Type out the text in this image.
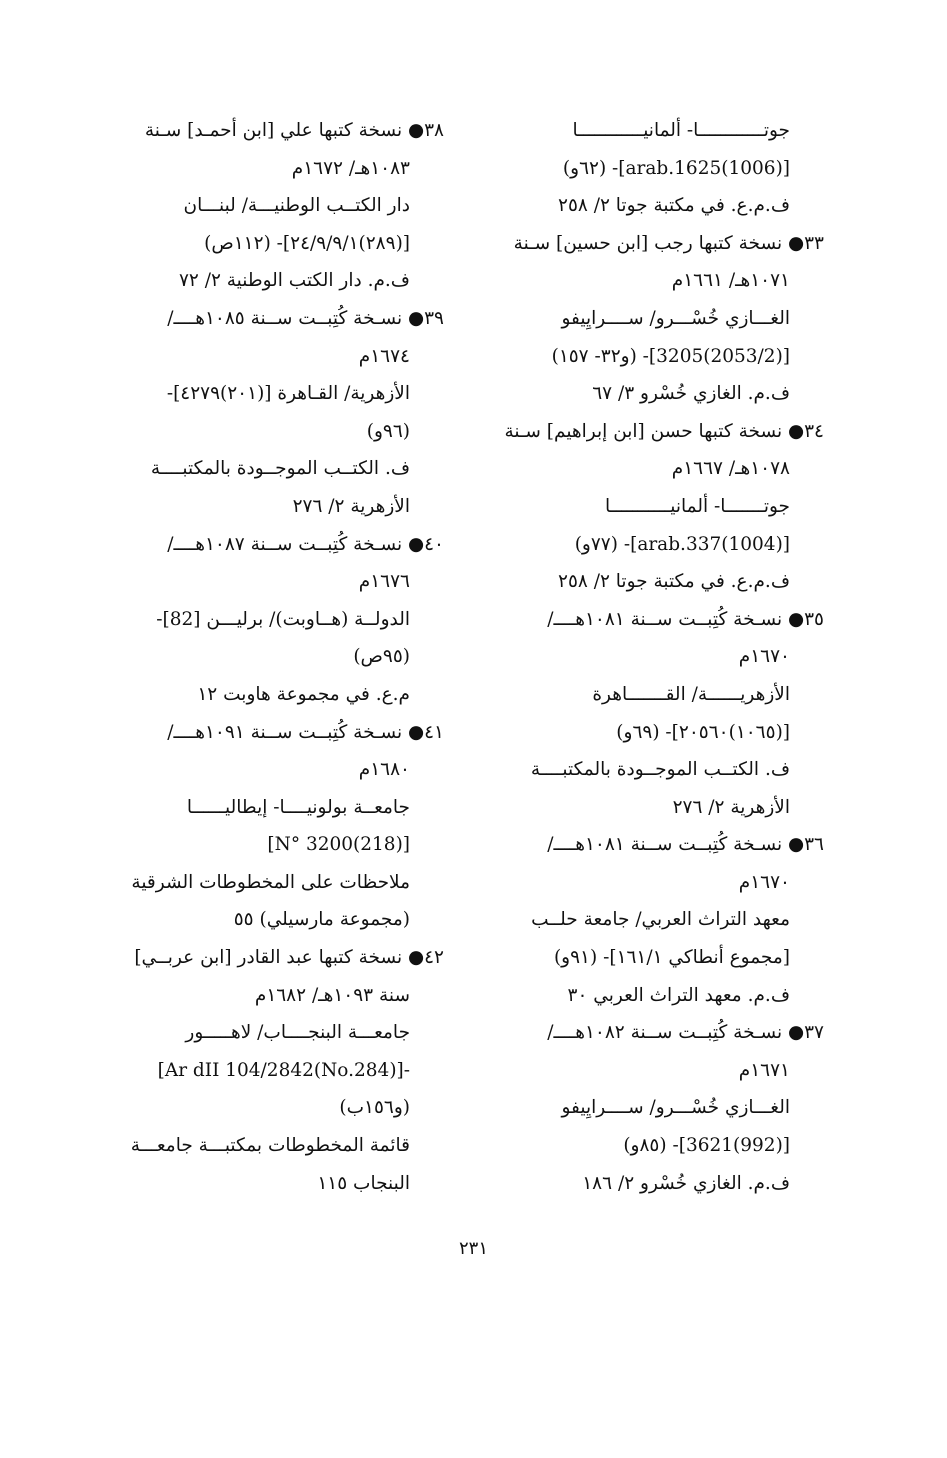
جوتــــــــــــا- ألمانيــــــــــــا
[(1006)arab.1625]- (٦٢و)
ف.م.ع. في مكتبة جوتا ٢/ ٢٥٨
٣٣● نسخة كتبها رجب [ابن حسين] سـنة
١٠٧١هـ/ ١٦٦١م
الغـــازي خُسْـــرو/ ســــرايِيفو
[(2053/2)3205]- (و٣٢- ١٥٧)
ف.م. الغازي خُسْرو ٣/ ٦٧
٣٤● نسخة كتبها حسن [ابن إبراهيم] سـنة
١٠٧٨هـ/ ١٦٦٧م
جوتـــــــا- ألمانيـــــــــــا
[(1004)arab.337]- (٧٧و)
ف.م.ع. في مكتبة جوتا ٢/ ٢٥٨
٣٥● نسـخة كُتِبــت ســنة ١٠٨١هــــ/
١٦٧٠م
الأزهريــــــة/ القـــــــاهرة
[(١٠٦٥)٢٠٥٦٠]- (٦٩و)
ف. الكتــب الموجــودة بالمكتبــــة
الأزهرية ٢/ ٢٧٦
٣٦● نسـخة كُتِبــت ســنة ١٠٨١هــــ/
١٦٧٠م
معهد التراث العربي/ جامعة حلــب
[مجموع أنطاكي ١٦١/١]- (٩١و)
ف.م. معهد التراث العربي ٣٠
٣٧● نسـخة كُتِبــت ســنة ١٠٨٢هــــ/
١٦٧١م
الغـــازي خُسْـــرو/ ســــرايِيفو
[(992)3621]- (٨٥و)
ف.م. الغازي خُسْرو ٢/ ١٨٦
٣٨● نسخة كتبها علي [ابن أحمـد] سـنة
١٠٨٣هـ/ ١٦٧٢م
دار الكتــب الوطنيـــة/ لبنـــان
[(٢٨٩)٢٤/٩/٩/١]- (١١٢ص)
ف.م. دار الكتب الوطنية ٢/ ٧٢
٣٩● نسـخة كُتِبــت ســنة ١٠٨٥هــــ/
١٦٧٤م
الأزهرية/ القـاهرة [(٢٠١)٤٢٧٩]-
(٩٦و)
ف. الكتــب الموجــودة بالمكتبــــة
الأزهرية ٢/ ٢٧٦
٤٠● نسـخة كُتِبــت ســنة ١٠٨٧هــــ/
١٦٧٦م
الدولــة (هــاوبت)/ برليـــن [82]-
(٩٥ص)
م.ع. في مجموعة هاوبت ١٢
٤١● نسـخة كُتِبــت ســنة ١٠٩١هــــ/
١٦٨٠م
جامعــة بولونيــــا- إيطاليــــــا
[(218)N° 3200]
ملاحظات على المخطوطات الشرقية
(مجموعة مارسيلي) ٥٥
٤٢● نسخة كتبها عبد القادر [ابن عربــي]
سنة ١٠٩٣هـ/ ١٦٨٢م
جامعـــة البنجــــاب/ لاهـــــور
-[(No.284)Ar dII 104/2842]
(و١٥٦ب)
قائمة المخطوطات بمكتبـــة جامعـــة
البنجاب ١١٥
٢٣١
